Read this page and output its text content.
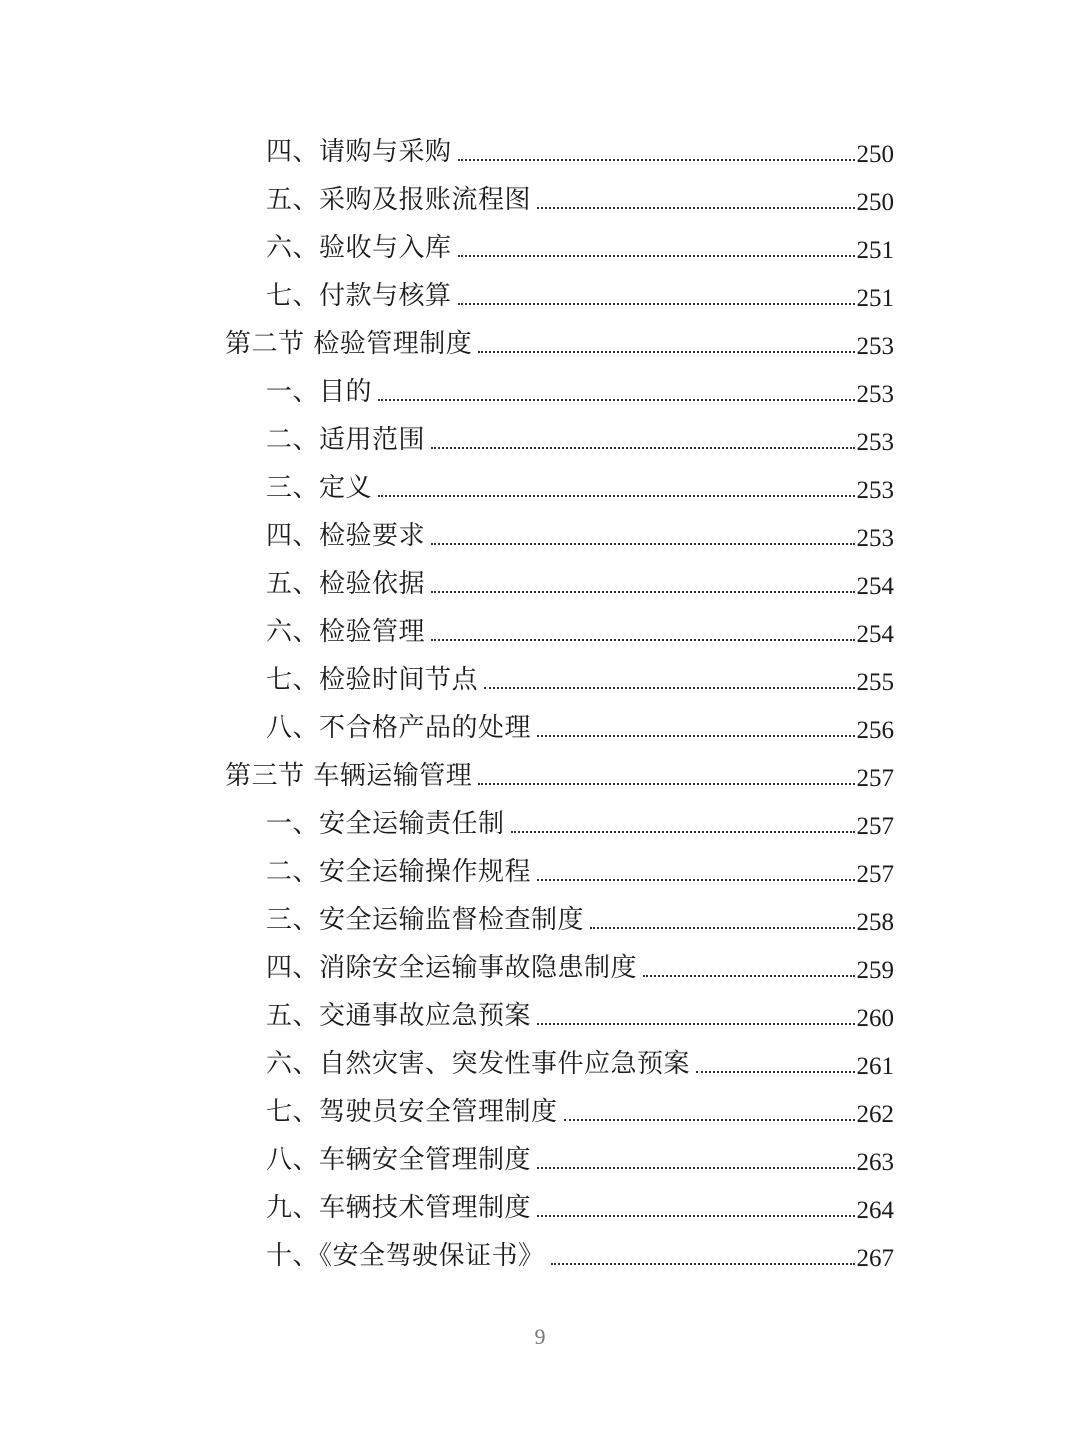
四、请购与采购	250
五、采购及报账流程图	250
六、验收与入库	251
七、付款与核算	251
第二节 检验管理制度	253
一、目的	253
二、适用范围	253
三、定义	253
四、检验要求	253
五、检验依据	254
六、检验管理	254
七、检验时间节点	255
八、不合格产品的处理	256
第三节 车辆运输管理	257
一、安全运输责任制	257
二、安全运输操作规程	257
三、安全运输监督检查制度	258
四、消除安全运输事故隐患制度	259
五、交通事故应急预案	260
六、自然灾害、突发性事件应急预案	261
七、驾驶员安全管理制度	262
八、车辆安全管理制度	263
九、车辆技术管理制度	264
十、《安全驾驶保证书》	267
9
